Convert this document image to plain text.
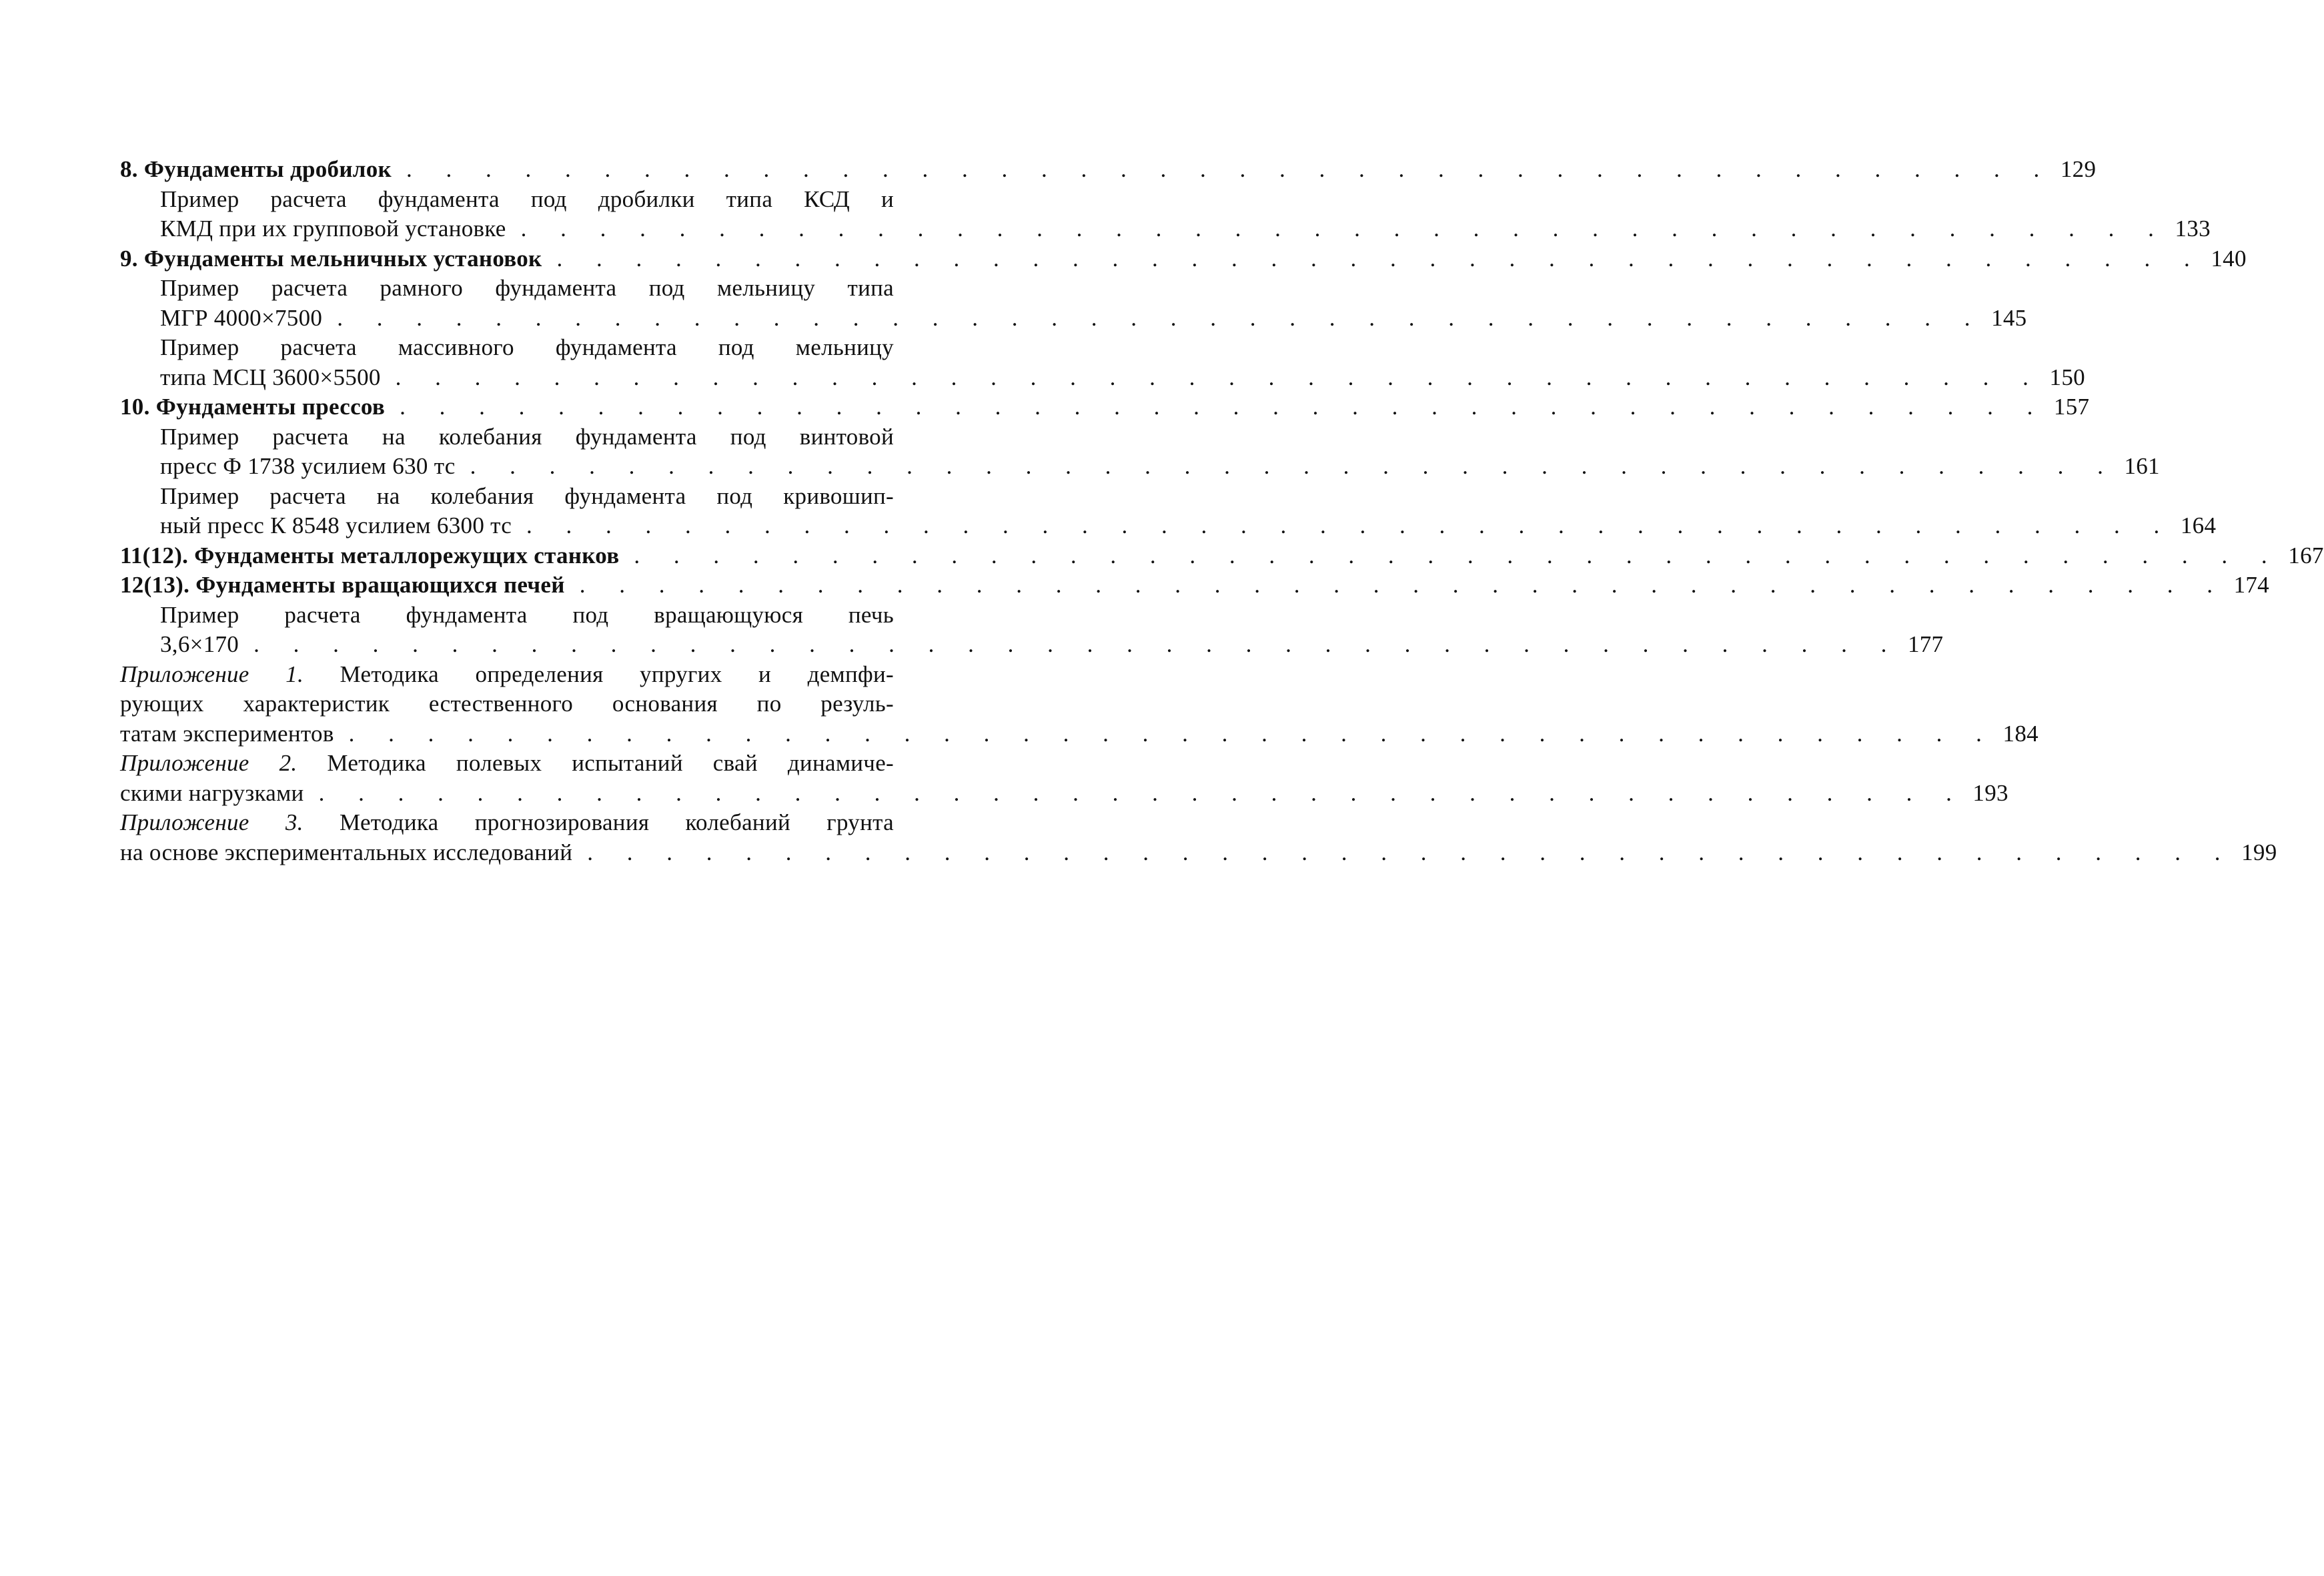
8. Фундаменты дробилок . . . . . . . . . . . . . . . . . . . . . . . . . . . . . . . . . . . . . . . . . . 129
Пример расчета фундамента под дробилки типа КСД и
КМД при их групповой установке . . . . . . . . . . . . . . . . . . . . . . . . . . . . . . . . . . . . . . . . . . 133
9. Фундаменты мельничных установок . . . . . . . . . . . . . . . . . . . . . . . . . . . . . . . . . . . . . . . . . . 140
Пример расчета рамного фундамента под мельницу типа
МГР 4000×7500 . . . . . . . . . . . . . . . . . . . . . . . . . . . . . . . . . . . . . . . . . . 145
Пример расчета массивного фундамента под мельницу
типа МСЦ 3600×5500 . . . . . . . . . . . . . . . . . . . . . . . . . . . . . . . . . . . . . . . . . . 150
10. Фундаменты прессов . . . . . . . . . . . . . . . . . . . . . . . . . . . . . . . . . . . . . . . . . . 157
Пример расчета на колебания фундамента под винтовой
пресс Ф 1738 усилием 630 тс . . . . . . . . . . . . . . . . . . . . . . . . . . . . . . . . . . . . . . . . . . 161
Пример расчета на колебания фундамента под кривошип-
ный пресс К 8548 усилием 6300 тс . . . . . . . . . . . . . . . . . . . . . . . . . . . . . . . . . . . . . . . . . . 164
11(12). Фундаменты металлорежущих станков . . . . . . . . . . . . . . . . . . . . . . . . . . . . . . . . . . . . . . . . . . 167
12(13). Фундаменты вращающихся печей . . . . . . . . . . . . . . . . . . . . . . . . . . . . . . . . . . . . . . . . . . 174
Пример расчета фундамента под вращающуюся печь
3,6×170 . . . . . . . . . . . . . . . . . . . . . . . . . . . . . . . . . . . . . . . . . . 177
Приложение 1. Методика определения упругих и демпфи-
рующих характеристик естественного основания по резуль-
татам экспериментов . . . . . . . . . . . . . . . . . . . . . . . . . . . . . . . . . . . . . . . . . . 184
Приложение 2. Методика полевых испытаний свай динамиче-
скими нагрузками . . . . . . . . . . . . . . . . . . . . . . . . . . . . . . . . . . . . . . . . . . 193
Приложение 3. Методика прогнозирования колебаний грунта
на основе экспериментальных исследований . . . . . . . . . . . . . . . . . . . . . . . . . . . . . . . . . . . . . . . . . . 199
